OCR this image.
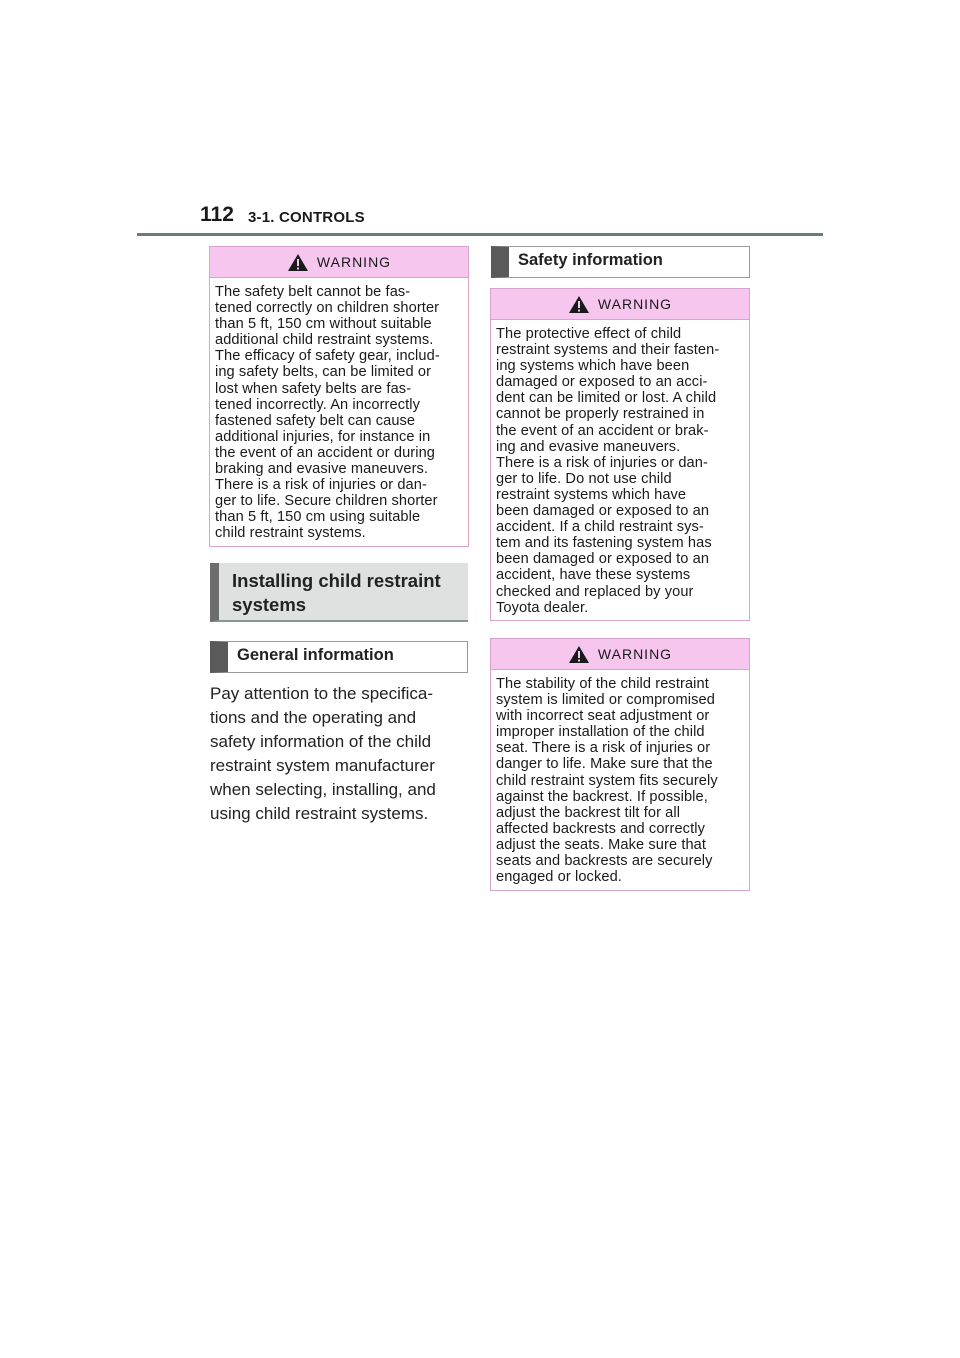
112 3-1. CONTROLS
WARNING
The safety belt cannot be fas-
tened correctly on children shorter
than 5 ft, 150 cm without suitable
additional child restraint systems.
The efficacy of safety gear, includ-
ing safety belts, can be limited or
lost when safety belts are fas-
tened incorrectly. An incorrectly
fastened safety belt can cause
additional injuries, for instance in
the event of an accident or during
braking and evasive maneuvers.
There is a risk of injuries or dan-
ger to life. Secure children shorter
than 5 ft, 150 cm using suitable
child restraint systems.
Installing child restraint
systems
General information
Pay attention to the specifica-
tions and the operating and
safety information of the child
restraint system manufacturer
when selecting, installing, and
using child restraint systems.
Safety information
WARNING
The protective effect of child
restraint systems and their fasten-
ing systems which have been
damaged or exposed to an acci-
dent can be limited or lost. A child
cannot be properly restrained in
the event of an accident or brak-
ing and evasive maneuvers.
There is a risk of injuries or dan-
ger to life. Do not use child
restraint systems which have
been damaged or exposed to an
accident. If a child restraint sys-
tem and its fastening system has
been damaged or exposed to an
accident, have these systems
checked and replaced by your
Toyota dealer.
WARNING
The stability of the child restraint
system is limited or compromised
with incorrect seat adjustment or
improper installation of the child
seat. There is a risk of injuries or
danger to life. Make sure that the
child restraint system fits securely
against the backrest. If possible,
adjust the backrest tilt for all
affected backrests and correctly
adjust the seats. Make sure that
seats and backrests are securely
engaged or locked.
